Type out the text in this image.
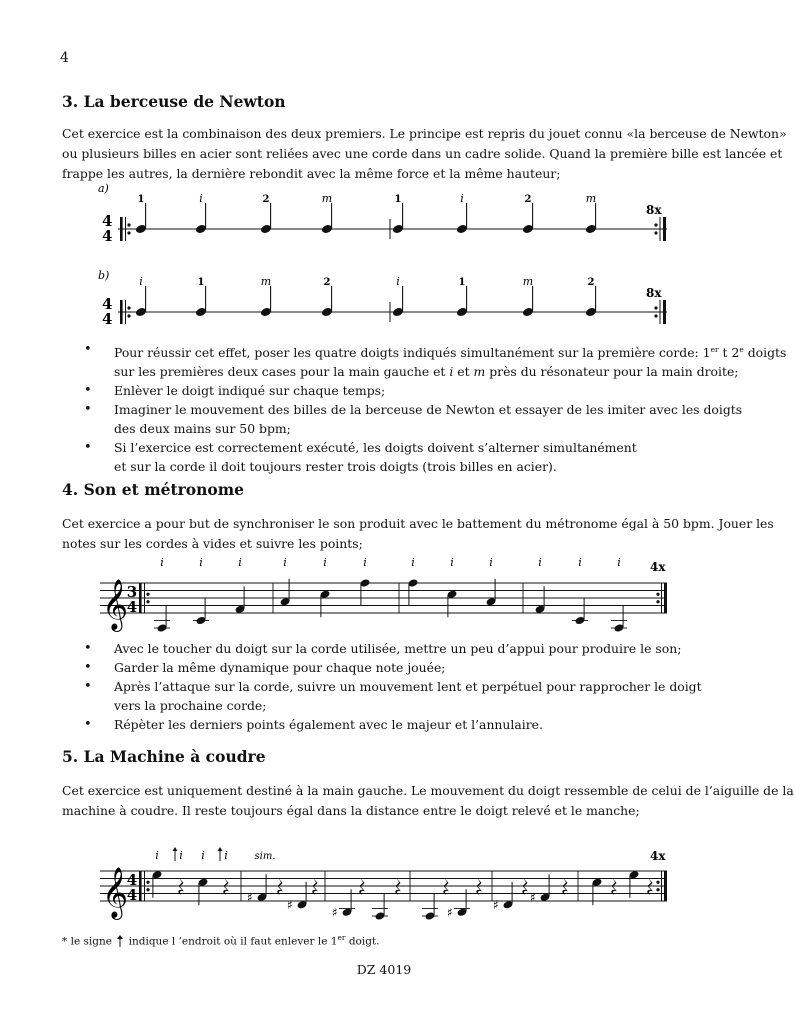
4
3. La berceuse de Newton

Cet exercice est la combinaison des deux premiers. Le principe est repris du jouet connu «la berceuse de Newton»
ou plusieurs billes en acier sont reliées avec une corde dans un cadre solide. Quand la première bille est lancée et
frappe les autres, la dernière rebondit avec la même force et la même hauteur;

a)
4
4
8x
1	i	2	m	1	i	2	m
b)
4
4
8x
i	1	m	2	i	1	m	2
• Pour réussir cet effet, poser les quatre doigts indiqués simultanément sur la première corde: 1er t 2e doigts
sur les premières deux cases pour la main gauche et i et m près du résonateur pour la main droite;
• Enlèver le doigt indiqué sur chaque temps;
• Imaginer le mouvement des billes de la berceuse de Newton et essayer de les imiter avec les doigts
des deux mains sur 50 bpm;
• Si l’exercice est correctement exécuté, les doigts doivent s’alterner simultanément
et sur la corde il doit toujours rester trois doigts (trois billes en acier).
4. Son et métronome

Cet exercice a pour but de synchroniser le son produit avec le battement du métronome égal à 50 bpm. Jouer les
notes sur les cordes à vides et suivre les points;

𝄞
3
4
4x
i	i	i	i	i	i	i	i	i	i	i	i
• Avec le toucher du doigt sur la corde utilisée, mettre un peu d’appui pour produire le son;
• Garder la même dynamique pour chaque note jouée;
• Après l’attaque sur la corde, suivre un mouvement lent et perpétuel pour rapprocher le doigt
vers la prochaine corde;
• Répèter les derniers points également avec le majeur et l’annulaire.
5. La Machine à coudre

Cet exercice est uniquement destiné à la main gauche. Le mouvement du doigt ressemble de celui de l’aiguille de la
machine à coudre. Il reste toujours égal dans la distance entre le doigt relevé et le manche;

𝄞
4
4
4x
i i i i	sim.
♯
♯
♯	♯
♯
♯
* le signe indique l ’endroit où il faut enlever le 1er doigt.
DZ 4019
